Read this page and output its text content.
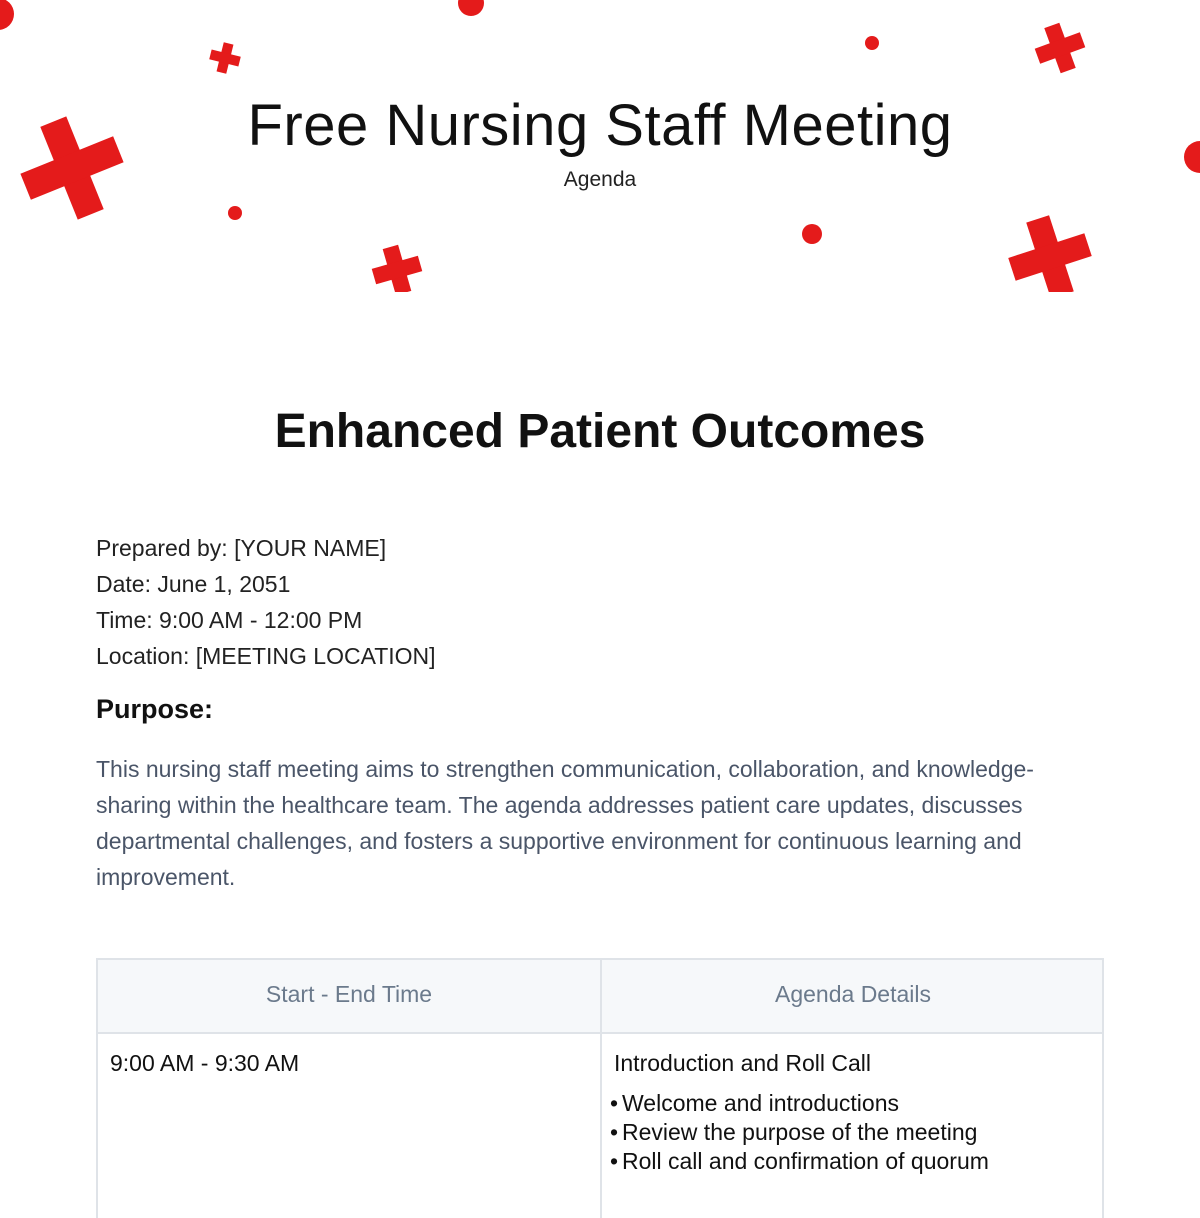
Free Nursing Staff Meeting
Agenda
Enhanced Patient Outcomes
Prepared by: [YOUR NAME]
Date: June 1, 2051
Time: 9:00 AM - 12:00 PM
Location: [MEETING LOCATION]
Purpose:
This nursing staff meeting aims to strengthen communication, collaboration, and knowledge-sharing within the healthcare team. The agenda addresses patient care updates, discusses departmental challenges, and fosters a supportive environment for continuous learning and improvement.
Start - End Time	Agenda Details
9:00 AM - 9:30 AM	Introduction and Roll Call
• Welcome and introductions
• Review the purpose of the meeting
• Roll call and confirmation of quorum
